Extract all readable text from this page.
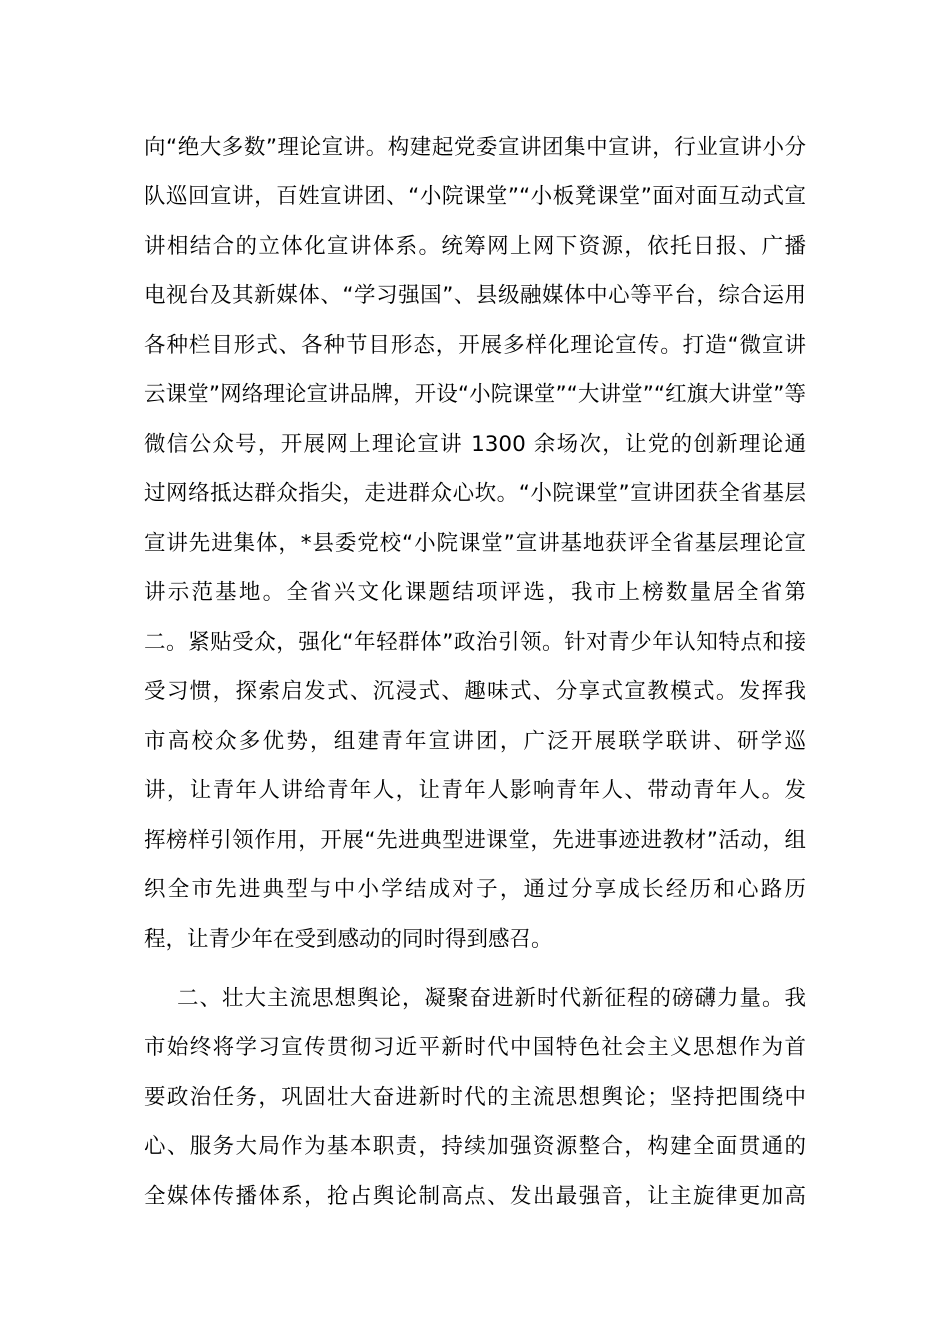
向“绝大多数”理论宣讲。构建起党委宣讲团集中宣讲，行业宣讲小分
队巡回宣讲，百姓宣讲团、“小院课堂”“小板凳课堂”面对面互动式宣
讲相结合的立体化宣讲体系。统筹网上网下资源，依托日报、广播
电视台及其新媒体、“学习强国”、县级融媒体中心等平台，综合运用
各种栏目形式、各种节目形态，开展多样化理论宣传。打造“微宣讲
云课堂”网络理论宣讲品牌，开设“小院课堂”“大讲堂”“红旗大讲堂”等
微信公众号，开展网上理论宣讲 1300 余场次，让党的创新理论通
过网络抵达群众指尖，走进群众心坎。“小院课堂”宣讲团获全省基层
宣讲先进集体，*县委党校“小院课堂”宣讲基地获评全省基层理论宣
讲示范基地。全省兴文化课题结项评选，我市上榜数量居全省第
二。紧贴受众，强化“年轻群体”政治引领。针对青少年认知特点和接
受习惯，探索启发式、沉浸式、趣味式、分享式宣教模式。发挥我
市高校众多优势，组建青年宣讲团，广泛开展联学联讲、研学巡
讲，让青年人讲给青年人，让青年人影响青年人、带动青年人。发
挥榜样引领作用，开展“先进典型进课堂，先进事迹进教材”活动，组
织全市先进典型与中小学结成对子，通过分享成长经历和心路历
程，让青少年在受到感动的同时得到感召。
二、壮大主流思想舆论，凝聚奋进新时代新征程的磅礴力量。我
市始终将学习宣传贯彻习近平新时代中国特色社会主义思想作为首
要政治任务，巩固壮大奋进新时代的主流思想舆论；坚持把围绕中
心、服务大局作为基本职责，持续加强资源整合，构建全面贯通的
全媒体传播体系，抢占舆论制高点、发出最强音，让主旋律更加高
